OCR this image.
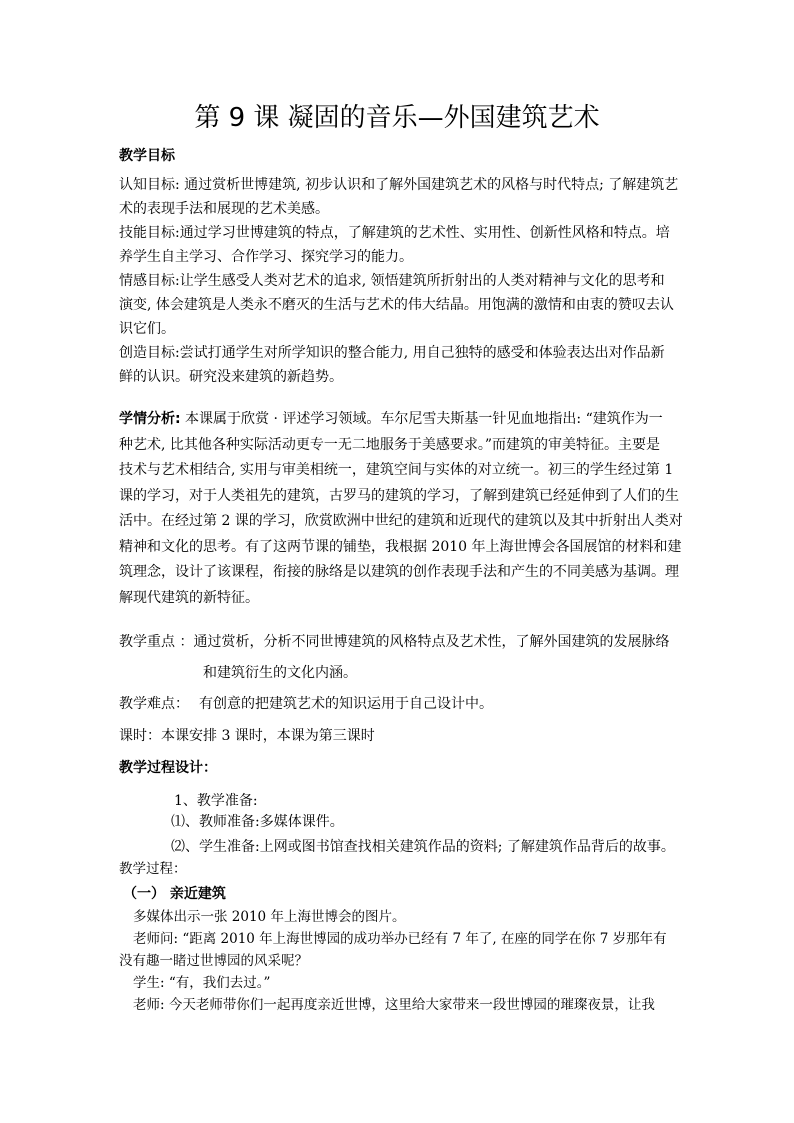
第 9 课 凝固的音乐—外国建筑艺术
教学目标
认知目标: 通过赏析世博建筑, 初步认识和了解外国建筑艺术的风格与时代特点; 了解建筑艺
术的表现手法和展现的艺术美感。
技能目标:通过学习世博建筑的特点，了解建筑的艺术性、实用性、创新性风格和特点。培
养学生自主学习、合作学习、探究学习的能力。
情感目标:让学生感受人类对艺术的追求, 领悟建筑所折射出的人类对精神与文化的思考和
演变, 体会建筑是人类永不磨灭的生活与艺术的伟大结晶。用饱满的激情和由衷的赞叹去认
识它们。
创造目标:尝试打通学生对所学知识的整合能力, 用自己独特的感受和体验表达出对作品新
鲜的认识。研究没来建筑的新趋势。
学情分析: 本课属于欣赏 · 评述学习领域。车尔尼雪夫斯基一针见血地指出: “建筑作为一
种艺术, 比其他各种实际活动更专一无二地服务于美感要求。”而建筑的审美特征。主要是
技术与艺术相结合, 实用与审美相统一，建筑空间与实体的对立统一。初三的学生经过第 1
课的学习，对于人类祖先的建筑，古罗马的建筑的学习，了解到建筑已经延伸到了人们的生
活中。在经过第 2 课的学习，欣赏欧洲中世纪的建筑和近现代的建筑以及其中折射出人类对
精神和文化的思考。有了这两节课的铺垫，我根据 2010 年上海世博会各国展馆的材料和建
筑理念，设计了该课程，衔接的脉络是以建筑的创作表现手法和产生的不同美感为基调。理
解现代建筑的新特征。
教学重点 ：通过赏析，分析不同世博建筑的风格特点及艺术性，了解外国建筑的发展脉络
和建筑衍生的文化内涵。
教学难点： 有创意的把建筑艺术的知识运用于自己设计中。
课时：本课安排 3 课时，本课为第三课时
教学过程设计：
1、教学准备:
⑴、教师准备:多媒体课件。
⑵、学生准备:上网或图书馆查找相关建筑作品的资料; 了解建筑作品背后的故事。
教学过程：
（一） 亲近建筑
多媒体出示一张 2010 年上海世博会的图片。
老师问: “距离 2010 年上海世博园的成功举办已经有 7 年了, 在座的同学在你 7 岁那年有
没有趣一睹过世博园的风采呢？
学生: “有，我们去过。”
老师: 今天老师带你们一起再度亲近世博，这里给大家带来一段世博园的璀璨夜景，让我
